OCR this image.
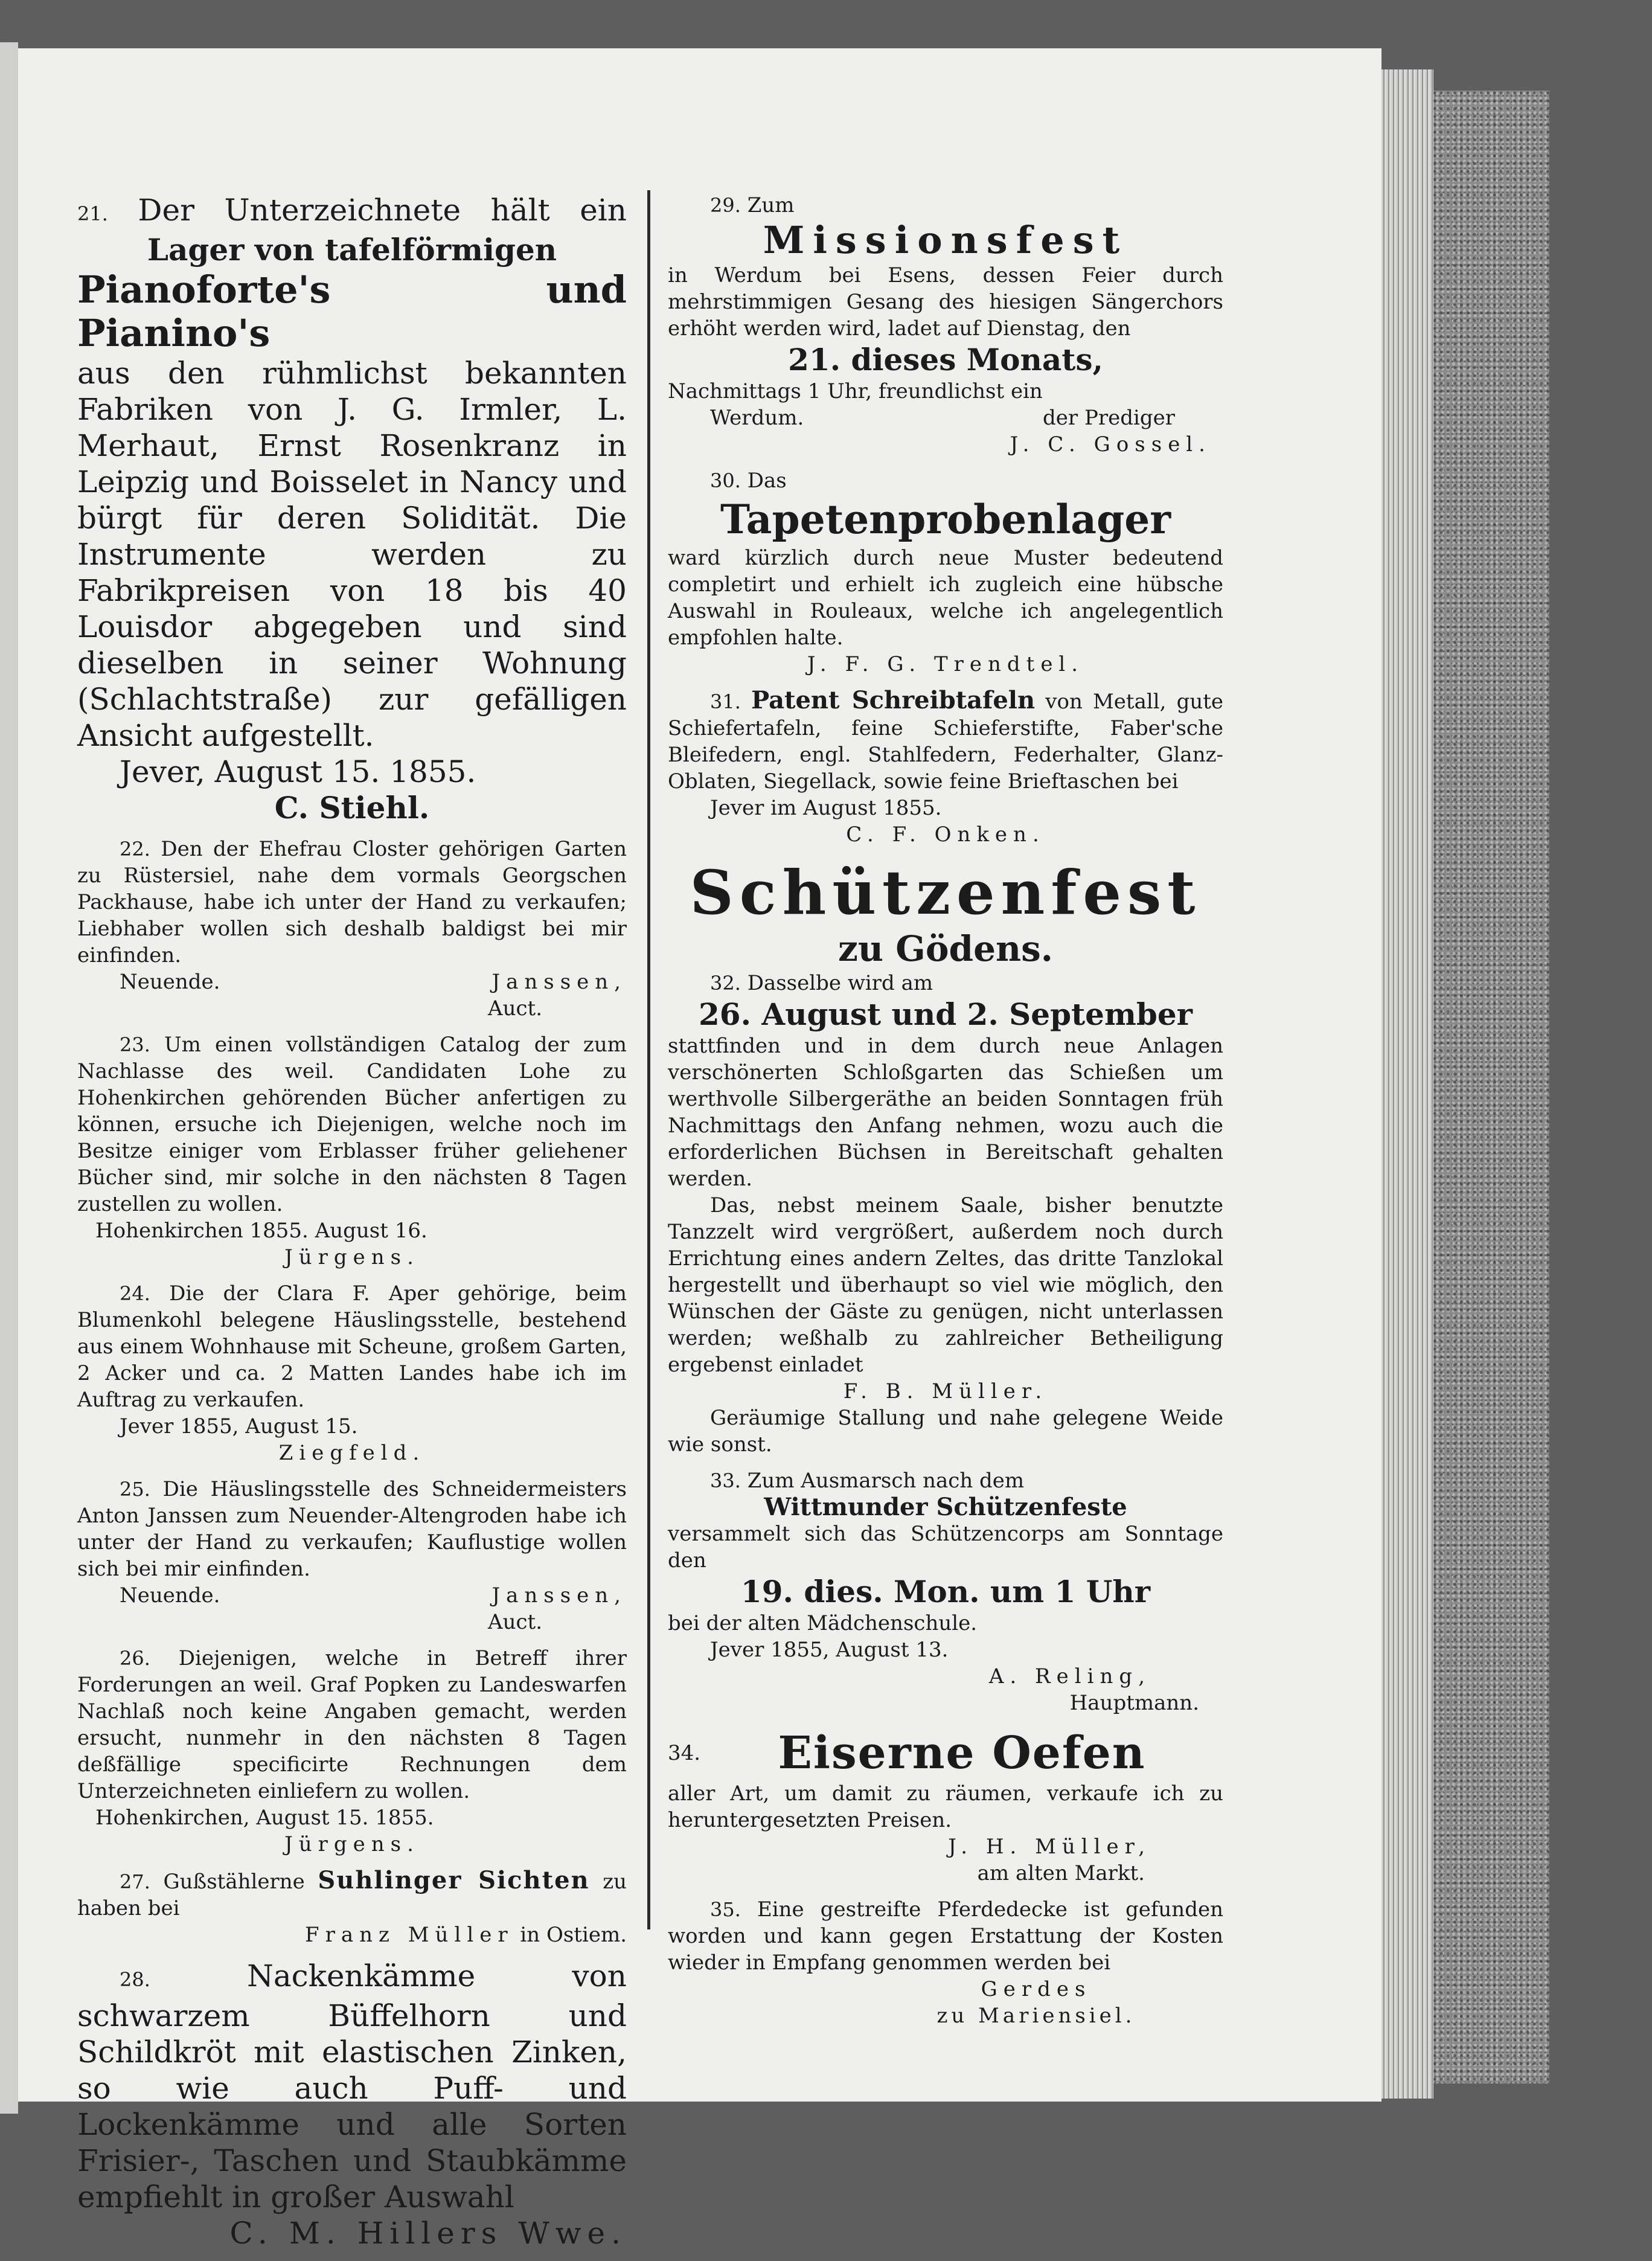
21. Der Unterzeichnete hält ein
Lager von tafelförmigen
Pianoforte's und Pianino's
aus den rühmlichst bekannten Fabriken von J. G. Irmler, L. Merhaut, Ernst Rosenkranz in Leipzig und Boisselet in Nancy und bürgt für deren Solidität. Die Instrumente werden zu Fabrikpreisen von 18 bis 40 Louisdor abgegeben und sind dieselben in seiner Wohnung (Schlachtstraße) zur gefälligen Ansicht aufgestellt.
Jever, August 15. 1855.
C. Stiehl.
22. Den der Ehefrau Closter gehörigen Garten zu Rüstersiel, nahe dem vormals Georgschen Packhause, habe ich unter der Hand zu verkaufen; Liebhaber wollen sich deshalb baldigst bei mir einfinden.
Neuende.	Janssen,
Auct.
23. Um einen vollständigen Catalog der zum Nachlasse des weil. Candidaten Lohe zu Hohenkirchen gehörenden Bücher anfertigen zu können, ersuche ich Diejenigen, welche noch im Besitze einiger vom Erblasser früher geliehener Bücher sind, mir solche in den nächsten 8 Tagen zustellen zu wollen.
Hohenkirchen 1855. August 16.
Jürgens.
24. Die der Clara F. Aper gehörige, beim Blumenkohl belegene Häuslingsstelle, bestehend aus einem Wohnhause mit Scheune, großem Garten, 2 Acker und ca. 2 Matten Landes habe ich im Auftrag zu verkaufen.
Jever 1855, August 15.
Ziegfeld.
25. Die Häuslingsstelle des Schneidermeisters Anton Janssen zum Neuender-Altengroden habe ich unter der Hand zu verkaufen; Kauflustige wollen sich bei mir einfinden.
Neuende.	Janssen,
Auct.
26. Diejenigen, welche in Betreff ihrer Forderungen an weil. Graf Popken zu Landeswarfen Nachlaß noch keine Angaben gemacht, werden ersucht, nunmehr in den nächsten 8 Tagen deßfällige specificirte Rechnungen dem Unterzeichneten einliefern zu wollen.
Hohenkirchen, August 15. 1855.
Jürgens.
27. Gußstählerne Suhlinger Sichten zu haben bei
Franz Müller in Ostiem.
28.	Nackenkämme von schwarzem Büffelhorn und Schildkröt mit elastischen Zinken, so wie auch Puff- und Lockenkämme und alle Sorten Frisier-, Taschen und Staubkämme empfiehlt in großer Auswahl
C. M. Hillers Wwe.
29. Zum
Missionsfest
in Werdum bei Esens, dessen Feier durch mehrstimmigen Gesang des hiesigen Sängerchors erhöht werden wird, ladet auf Dienstag, den
21. dieses Monats,
Nachmittags 1 Uhr, freundlichst ein
Werdum.	der Prediger
J. C. Gossel.
30. Das
Tapetenprobenlager
ward kürzlich durch neue Muster bedeutend completirt und erhielt ich zugleich eine hübsche Auswahl in Rouleaux, welche ich angelegentlich empfohlen halte.
J. F. G. Trendtel.
31. Patent Schreibtafeln von Metall, gute Schiefertafeln, feine Schieferstifte, Faber'sche Bleifedern, engl. Stahlfedern, Federhalter, Glanz-Oblaten, Siegellack, sowie feine Brieftaschen bei
Jever im August 1855.
C. F. Onken.
Schützenfest
zu Gödens.
32. Dasselbe wird am
26. August und 2. September
stattfinden und in dem durch neue Anlagen verschönerten Schloßgarten das Schießen um werthvolle Silbergeräthe an beiden Sonntagen früh Nachmittags den Anfang nehmen, wozu auch die erforderlichen Büchsen in Bereitschaft gehalten werden.
Das, nebst meinem Saale, bisher benutzte Tanzzelt wird vergrößert, außerdem noch durch Errichtung eines andern Zeltes, das dritte Tanzlokal hergestellt und überhaupt so viel wie möglich, den Wünschen der Gäste zu genügen, nicht unterlassen werden; weßhalb zu zahlreicher Betheiligung ergebenst einladet
F. B. Müller.
Geräumige Stallung und nahe gelegene Weide wie sonst.
33. Zum Ausmarsch nach dem
Wittmunder Schützenfeste
versammelt sich das Schützencorps am Sonntage den
19. dies. Mon. um 1 Uhr
bei der alten Mädchenschule.
Jever 1855, August 13.
A. Reling,
Hauptmann.
34.	Eiserne Oefen
aller Art, um damit zu räumen, verkaufe ich zu heruntergesetzten Preisen.
J. H. Müller,
am alten Markt.
35. Eine gestreifte Pferdedecke ist gefunden worden und kann gegen Erstattung der Kosten wieder in Empfang genommen werden bei
Gerdes
zu Mariensiel.
